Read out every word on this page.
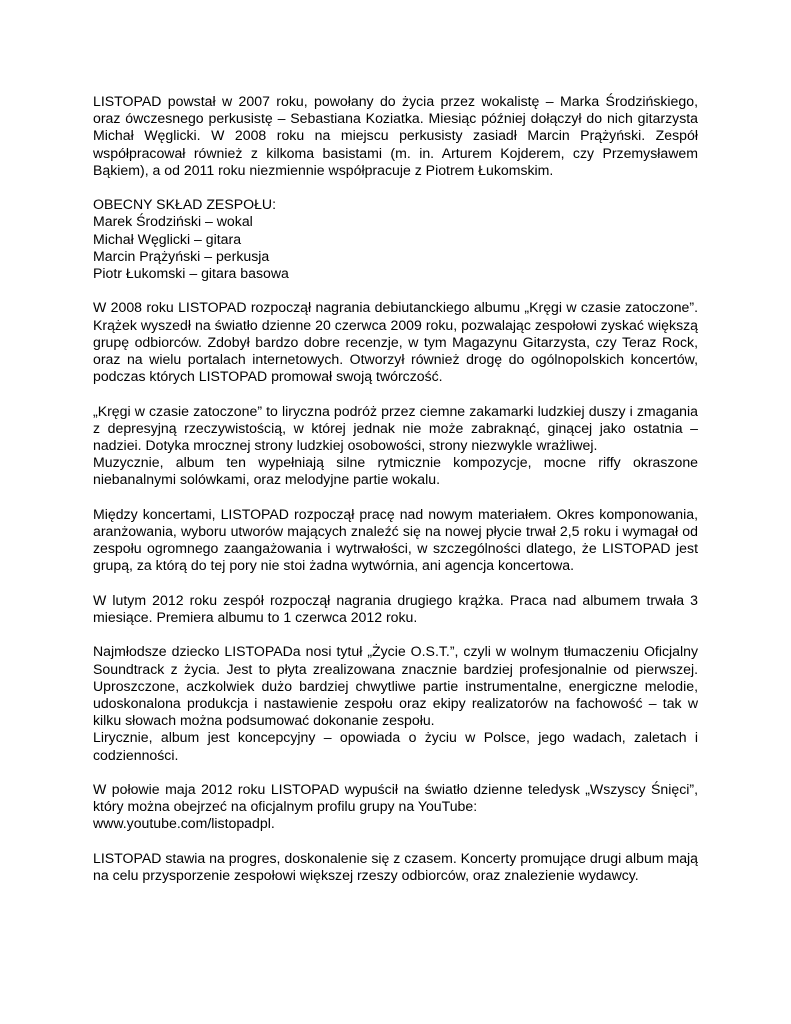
LISTOPAD powstał w 2007 roku, powołany do życia przez wokalistę – Marka Środzińskiego, oraz ówczesnego perkusistę – Sebastiana Koziatka. Miesiąc później dołączył do nich gitarzysta Michał Węglicki. W 2008 roku na miejscu perkusisty zasiadł Marcin Prążyński. Zespół współpracował również z kilkoma basistami (m. in. Arturem Kojderem, czy Przemysławem Bąkiem), a od 2011 roku niezmiennie współpracuje z Piotrem Łukomskim.

OBECNY SKŁAD ZESPOŁU:
Marek Środziński – wokal
Michał Węglicki – gitara
Marcin Prążyński – perkusja
Piotr Łukomski – gitara basowa

W 2008 roku LISTOPAD rozpoczął nagrania debiutanckiego albumu „Kręgi w czasie zatoczone”. Krążek wyszedł na światło dzienne 20 czerwca 2009 roku, pozwalając zespołowi zyskać większą grupę odbiorców. Zdobył bardzo dobre recenzje, w tym Magazynu Gitarzysta, czy Teraz Rock, oraz na wielu portalach internetowych. Otworzył również drogę do ogólnopolskich koncertów, podczas których LISTOPAD promował swoją twórczość.

„Kręgi w czasie zatoczone” to liryczna podróż przez ciemne zakamarki ludzkiej duszy i zmagania z depresyjną rzeczywistością, w której jednak nie może zabraknąć, ginącej jako ostatnia – nadziei. Dotyka mrocznej strony ludzkiej osobowości, strony niezwykle wrażliwej.
Muzycznie, album ten wypełniają silne rytmicznie kompozycje, mocne riffy okraszone niebanalnymi solówkami, oraz melodyjne partie wokalu.

Między koncertami, LISTOPAD rozpoczął pracę nad nowym materiałem. Okres komponowania, aranżowania, wyboru utworów mających znaleźć się na nowej płycie trwał 2,5 roku i wymagał od zespołu ogromnego zaangażowania i wytrwałości, w szczególności dlatego, że LISTOPAD jest grupą, za którą do tej pory nie stoi żadna wytwórnia, ani agencja koncertowa.

W lutym 2012 roku zespół rozpoczął nagrania drugiego krążka. Praca nad albumem trwała 3 miesiące. Premiera albumu to 1 czerwca 2012 roku.

Najmłodsze dziecko LISTOPADa nosi tytuł „Życie O.S.T.”, czyli w wolnym tłumaczeniu Oficjalny Soundtrack z życia. Jest to płyta zrealizowana znacznie bardziej profesjonalnie od pierwszej. Uproszczone, aczkolwiek dużo bardziej chwytliwe partie instrumentalne, energiczne melodie, udoskonalona produkcja i nastawienie zespołu oraz ekipy realizatorów na fachowość – tak w kilku słowach można podsumować dokonanie zespołu.
Lirycznie, album jest koncepcyjny – opowiada o życiu w Polsce, jego wadach, zaletach i codzienności.

W połowie maja 2012 roku LISTOPAD wypuścił na światło dzienne teledysk „Wszyscy Śnięci”, który można obejrzeć na oficjalnym profilu grupy na YouTube:
www.youtube.com/listopadpl.

LISTOPAD stawia na progres, doskonalenie się z czasem. Koncerty promujące drugi album mają na celu przysporzenie zespołowi większej rzeszy odbiorców, oraz znalezienie wydawcy.
